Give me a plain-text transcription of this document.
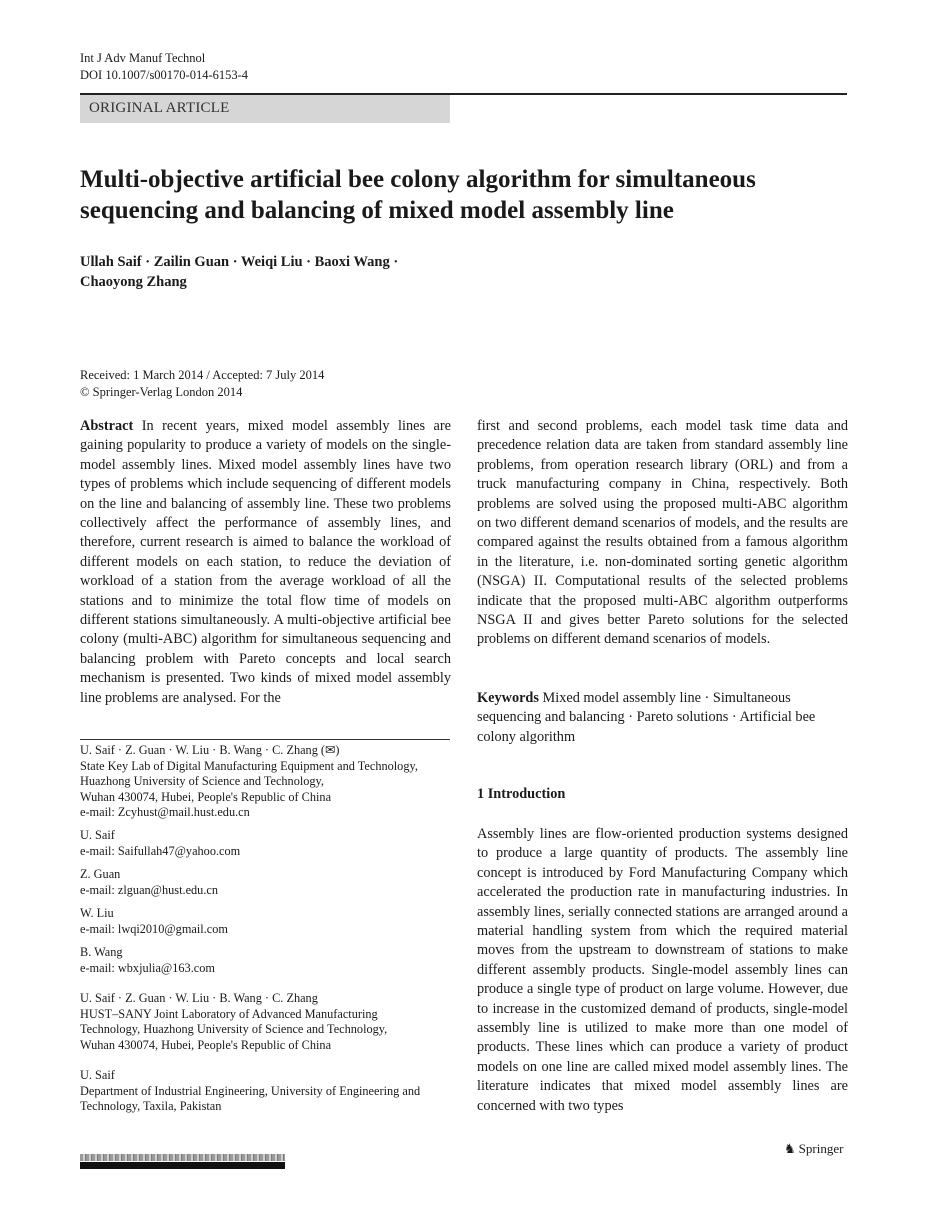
Int J Adv Manuf Technol
DOI 10.1007/s00170-014-6153-4
ORIGINAL ARTICLE
Multi-objective artificial bee colony algorithm for simultaneous sequencing and balancing of mixed model assembly line
Ullah Saif · Zailin Guan · Weiqi Liu · Baoxi Wang ·
Chaoyong Zhang
Received: 1 March 2014 / Accepted: 7 July 2014
© Springer-Verlag London 2014

Abstract In recent years, mixed model assembly lines are gaining popularity to produce a variety of models on the single-model assembly lines. Mixed model assembly lines have two types of problems which include sequencing of different models on the line and balancing of assembly line. These two problems collectively affect the performance of assembly lines, and therefore, current research is aimed to balance the workload of different models on each station, to reduce the deviation of workload of a station from the average workload of all the stations and to minimize the total flow time of models on different stations simultaneously. A multi-objective artificial bee colony (multi-ABC) algorithm for simultaneous sequencing and balancing problem with Pareto concepts and local search mechanism is presented. Two kinds of mixed model assembly line problems are analysed. For the

U. Saif · Z. Guan · W. Liu · B. Wang · C. Zhang (✉)
State Key Lab of Digital Manufacturing Equipment and Technology,
Huazhong University of Science and Technology,
Wuhan 430074, Hubei, People's Republic of China
e-mail: Zcyhust@mail.hust.edu.cn
U. Saif
e-mail: Saifullah47@yahoo.com
Z. Guan
e-mail: zlguan@hust.edu.cn
W. Liu
e-mail: lwqi2010@gmail.com
B. Wang
e-mail: wbxjulia@163.com
U. Saif · Z. Guan · W. Liu · B. Wang · C. Zhang
HUST–SANY Joint Laboratory of Advanced Manufacturing
Technology, Huazhong University of Science and Technology,
Wuhan 430074, Hubei, People's Republic of China
U. Saif
Department of Industrial Engineering, University of Engineering and
Technology, Taxila, Pakistan

first and second problems, each model task time data and precedence relation data are taken from standard assembly line problems, from operation research library (ORL) and from a truck manufacturing company in China, respectively. Both problems are solved using the proposed multi-ABC algorithm on two different demand scenarios of models, and the results are compared against the results obtained from a famous algorithm in the literature, i.e. non-dominated sorting genetic algorithm (NSGA) II. Computational results of the selected problems indicate that the proposed multi-ABC algorithm outperforms NSGA II and gives better Pareto solutions for the selected problems on different demand scenarios of models.

Keywords Mixed model assembly line · Simultaneous sequencing and balancing · Pareto solutions · Artificial bee colony algorithm

1 Introduction

Assembly lines are flow-oriented production systems designed to produce a large quantity of products. The assembly line concept is introduced by Ford Manufacturing Company which accelerated the production rate in manufacturing industries. In assembly lines, serially connected stations are arranged around a material handling system from which the required material moves from the upstream to downstream of stations to make different assembly products. Single-model assembly lines can produce a single type of product on large volume. However, due to increase in the customized demand of products, single-model assembly line is utilized to make more than one model of products. These lines which can produce a variety of product models on one line are called mixed model assembly lines. The literature indicates that mixed model assembly lines are concerned with two types

♞ Springer
